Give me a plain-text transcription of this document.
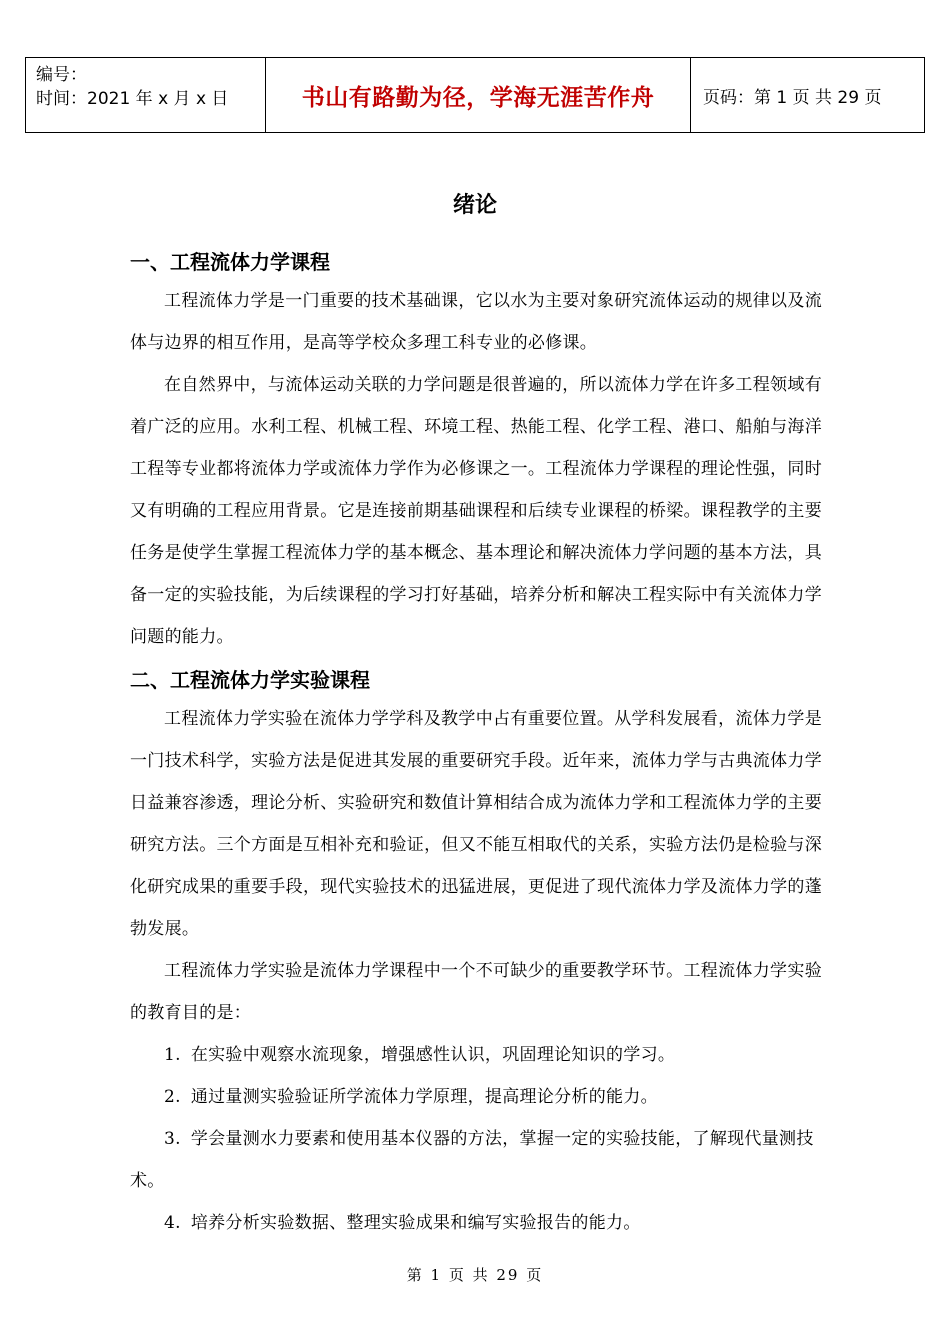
编号：
时间：2021 年 x 月 x 日	书山有路勤为径，学海无涯苦作舟	页码：第 1 页 共 29 页
绪论
一、工程流体力学课程

工程流体力学是一门重要的技术基础课，它以水为主要对象研究流体运动的规律以及流体与边界的相互作用，是高等学校众多理工科专业的必修课。

在自然界中，与流体运动关联的力学问题是很普遍的，所以流体力学在许多工程领域有着广泛的应用。水利工程、机械工程、环境工程、热能工程、化学工程、港口、船舶与海洋工程等专业都将流体力学或流体力学作为必修课之一。工程流体力学课程的理论性强，同时又有明确的工程应用背景。它是连接前期基础课程和后续专业课程的桥梁。课程教学的主要任务是使学生掌握工程流体力学的基本概念、基本理论和解决流体力学问题的基本方法，具备一定的实验技能，为后续课程的学习打好基础，培养分析和解决工程实际中有关流体力学问题的能力。

二、工程流体力学实验课程

工程流体力学实验在流体力学学科及教学中占有重要位置。从学科发展看，流体力学是一门技术科学，实验方法是促进其发展的重要研究手段。近年来，流体力学与古典流体力学日益兼容渗透，理论分析、实验研究和数值计算相结合成为流体力学和工程流体力学的主要研究方法。三个方面是互相补充和验证，但又不能互相取代的关系，实验方法仍是检验与深化研究成果的重要手段，现代实验技术的迅猛进展，更促进了现代流体力学及流体力学的蓬勃发展。

工程流体力学实验是流体力学课程中一个不可缺少的重要教学环节。工程流体力学实验的教育目的是：

1. 在实验中观察水流现象，增强感性认识，巩固理论知识的学习。

2. 通过量测实验验证所学流体力学原理，提高理论分析的能力。

3. 学会量测水力要素和使用基本仪器的方法，掌握一定的实验技能，了解现代量测技术。

4. 培养分析实验数据、整理实验成果和编写实验报告的能力。

第 1 页 共 29 页
